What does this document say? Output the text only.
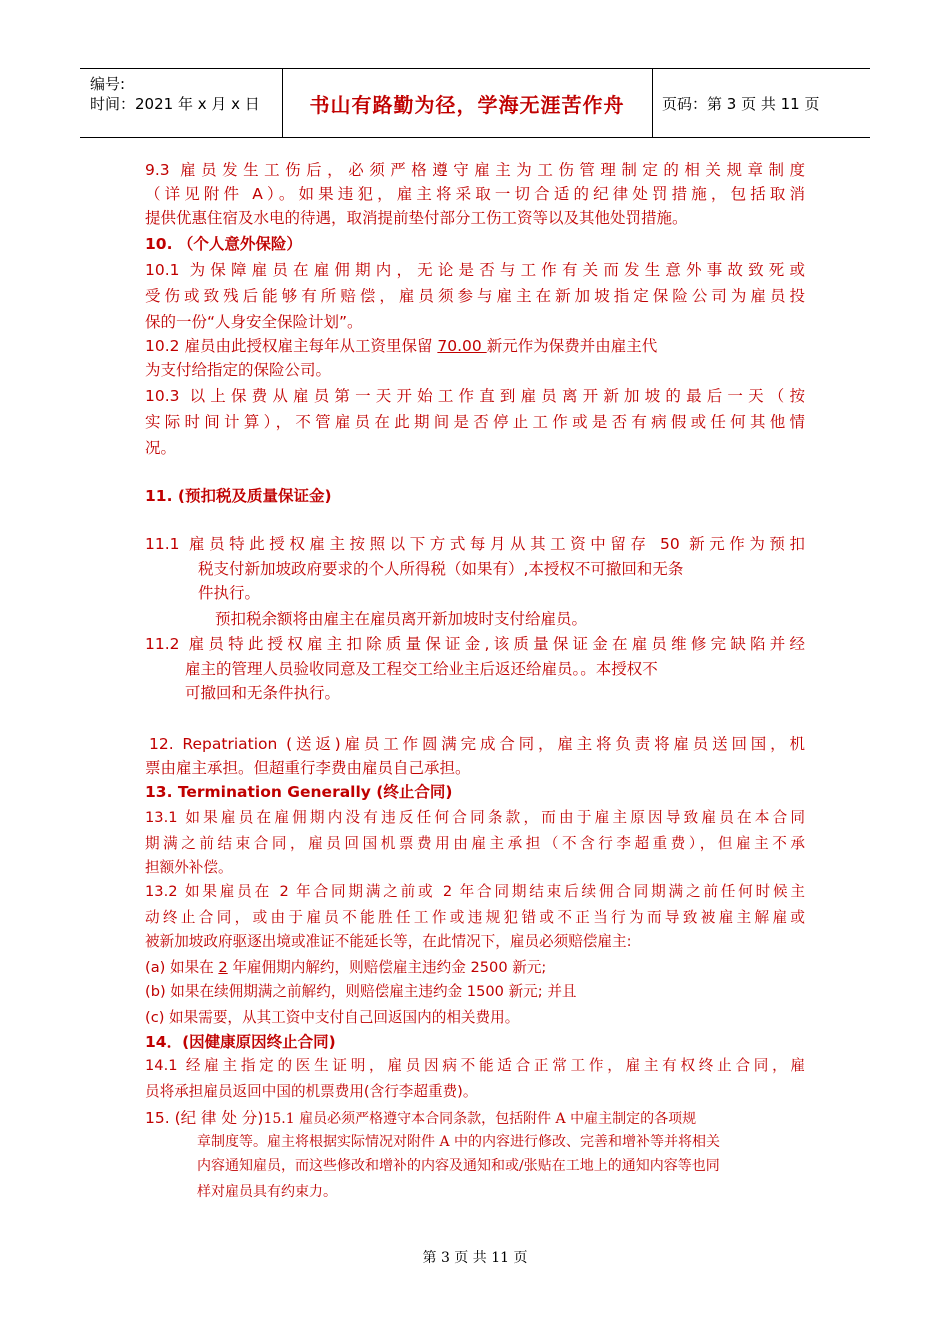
编号:
时间：2021 年 x 月 x 日 书山有路勤为径，学海无涯苦作舟	页码：第 3 页 共 11 页
9.3 雇员发生工伤后，必须严格遵守雇主为工伤管理制定的相关规章制度
（详见附件 A）。如果违犯，雇主将采取一切合适的纪律处罚措施，包括取消
提供优惠住宿及水电的待遇，取消提前垫付部分工伤工资等以及其他处罚措施。
10. （个人意外保险）
10.1 为保障雇员在雇佣期内，无论是否与工作有关而发生意外事故致死或
受伤或致残后能够有所赔偿，雇员须参与雇主在新加坡指定保险公司为雇员投
保的一份“人身安全保险计划”。
10.2 雇员由此授权雇主每年从工资里保留 70.00 新元作为保费并由雇主代
为支付给指定的保险公司。
10.3 以上保费从雇员第一天开始工作直到雇员离开新加坡的最后一天（按
实际时间计算），不管雇员在此期间是否停止工作或是否有病假或任何其他情
况。
11. (预扣税及质量保证金)
11.1 雇员特此授权雇主按照以下方式每月从其工资中留存 50 新元作为预扣
税支付新加坡政府要求的个人所得税（如果有）,本授权不可撤回和无条
件执行。
预扣税余额将由雇主在雇员离开新加坡时支付给雇员。
11.2 雇员特此授权雇主扣除质量保证金,该质量保证金在雇员维修完缺陷并经
雇主的管理人员验收同意及工程交工给业主后返还给雇员。。本授权不
可撤回和无条件执行。
12. Repatriation (送返)雇员工作圆满完成合同，雇主将负责将雇员送回国，机
票由雇主承担。但超重行李费由雇员自己承担。
13. Termination Generally (终止合同)
13.1 如果雇员在雇佣期内没有违反任何合同条款，而由于雇主原因导致雇员在本合同
期满之前结束合同，雇员回国机票费用由雇主承担（不含行李超重费），但雇主不承
担额外补偿。
13.2 如果雇员在 2 年合同期满之前或 2 年合同期结束后续佣合同期满之前任何时候主
动终止合同，或由于雇员不能胜任工作或违规犯错或不正当行为而导致被雇主解雇或
被新加坡政府驱逐出境或准证不能延长等，在此情况下，雇员必须赔偿雇主:
(a) 如果在 2 年雇佣期内解约，则赔偿雇主违约金 2500 新元;
(b) 如果在续佣期满之前解约，则赔偿雇主违约金 1500 新元; 并且
(c) 如果需要，从其工资中支付自己回返国内的相关费用。
14．(因健康原因终止合同)
14.1 经雇主指定的医生证明，雇员因病不能适合正常工作，雇主有权终止合同，雇
员将承担雇员返回中国的机票费用(含行李超重费)。
15. (纪 律 处 分)15.1 雇员必须严格遵守本合同条款，包括附件 A 中雇主制定的各项规
章制度等。雇主将根据实际情况对附件 A 中的内容进行修改、完善和增补等并将相关
内容通知雇员，而这些修改和增补的内容及通知和或/张贴在工地上的通知内容等也同
样对雇员具有约束力。
第 3 页 共 11 页
